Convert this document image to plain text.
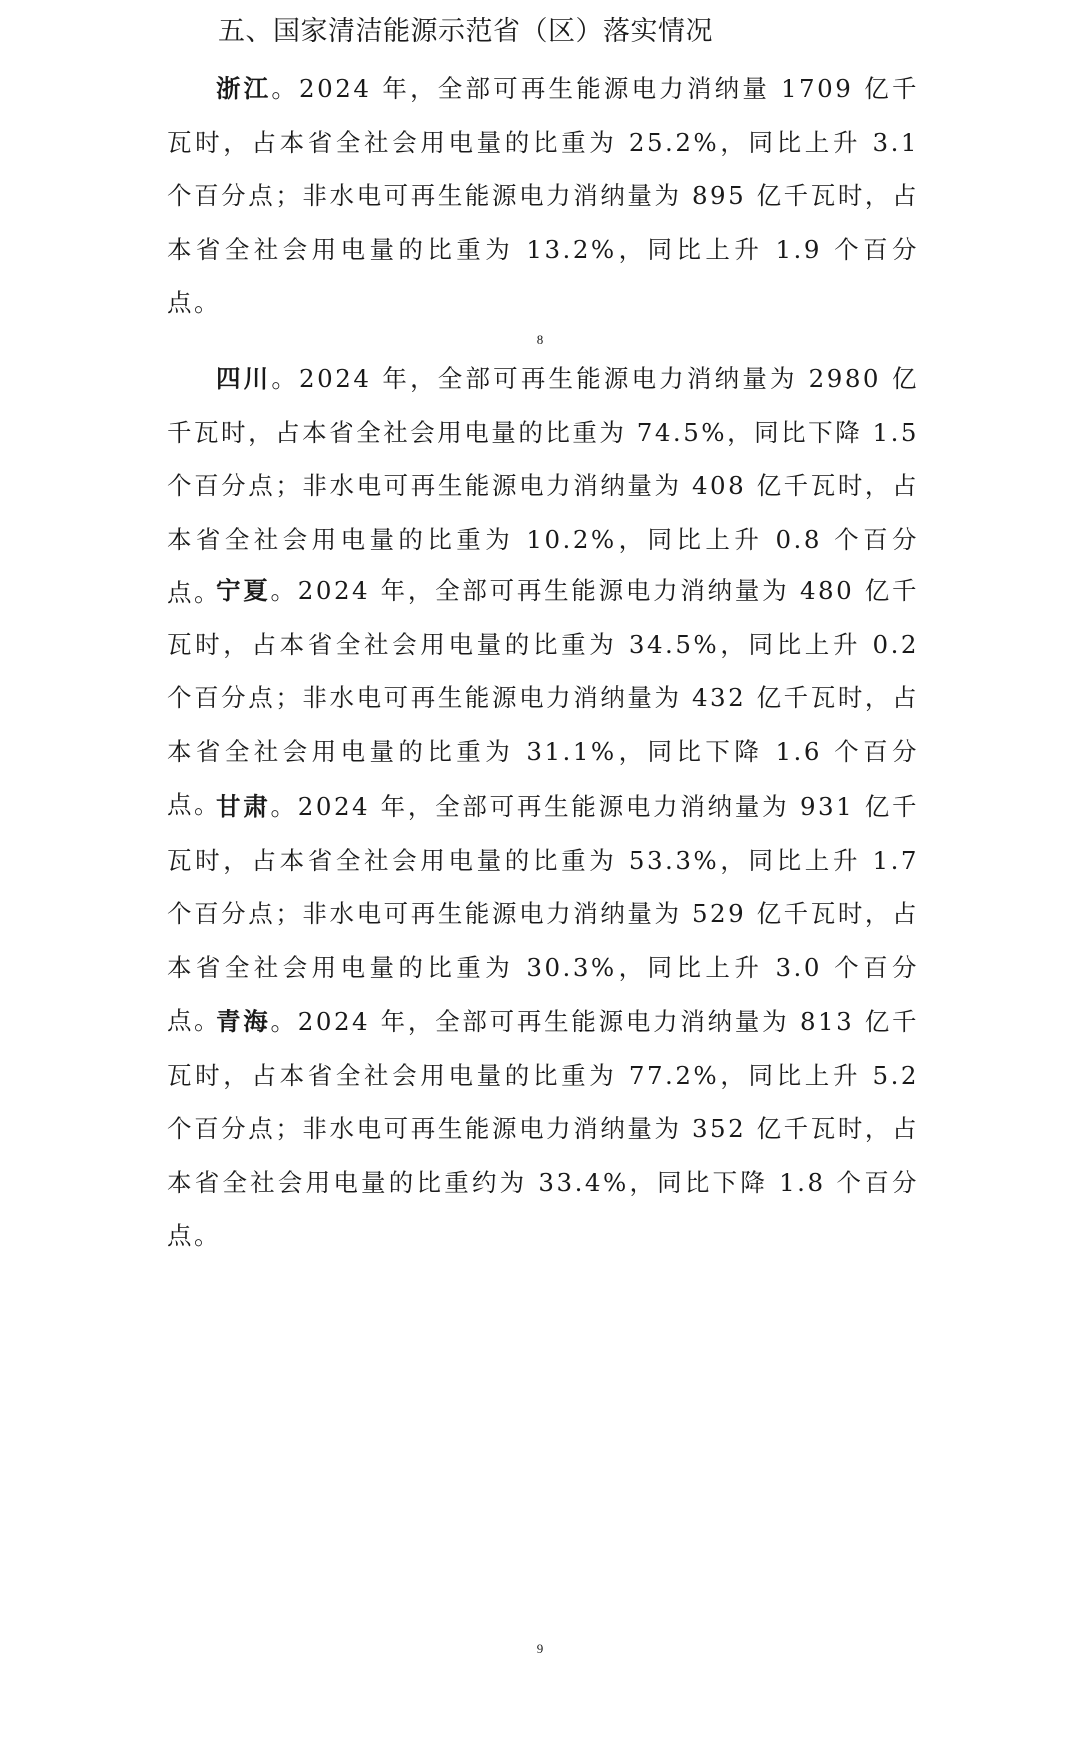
五、国家清洁能源示范省（区）落实情况

浙江。2024 年，全部可再生能源电力消纳量 1709 亿千瓦时，占本省全社会用电量的比重为 25.2%，同比上升 3.1 个百分点；非水电可再生能源电力消纳量为 895 亿千瓦时，占本省全社会用电量的比重为 13.2%，同比上升 1.9 个百分点。

8

四川。2024 年，全部可再生能源电力消纳量为 2980 亿千瓦时，占本省全社会用电量的比重为 74.5%，同比下降 1.5 个百分点；非水电可再生能源电力消纳量为 408 亿千瓦时，占本省全社会用电量的比重为 10.2%，同比上升 0.8 个百分点。

宁夏。2024 年，全部可再生能源电力消纳量为 480 亿千瓦时，占本省全社会用电量的比重为 34.5%，同比上升 0.2 个百分点；非水电可再生能源电力消纳量为 432 亿千瓦时，占本省全社会用电量的比重为 31.1%，同比下降 1.6 个百分点。

甘肃。2024 年，全部可再生能源电力消纳量为 931 亿千瓦时，占本省全社会用电量的比重为 53.3%，同比上升 1.7 个百分点；非水电可再生能源电力消纳量为 529 亿千瓦时，占本省全社会用电量的比重为 30.3%，同比上升 3.0 个百分点。

青海。2024 年，全部可再生能源电力消纳量为 813 亿千瓦时，占本省全社会用电量的比重为 77.2%，同比上升 5.2 个百分点；非水电可再生能源电力消纳量为 352 亿千瓦时，占本省全社会用电量的比重约为 33.4%，同比下降 1.8 个百分点。

9
